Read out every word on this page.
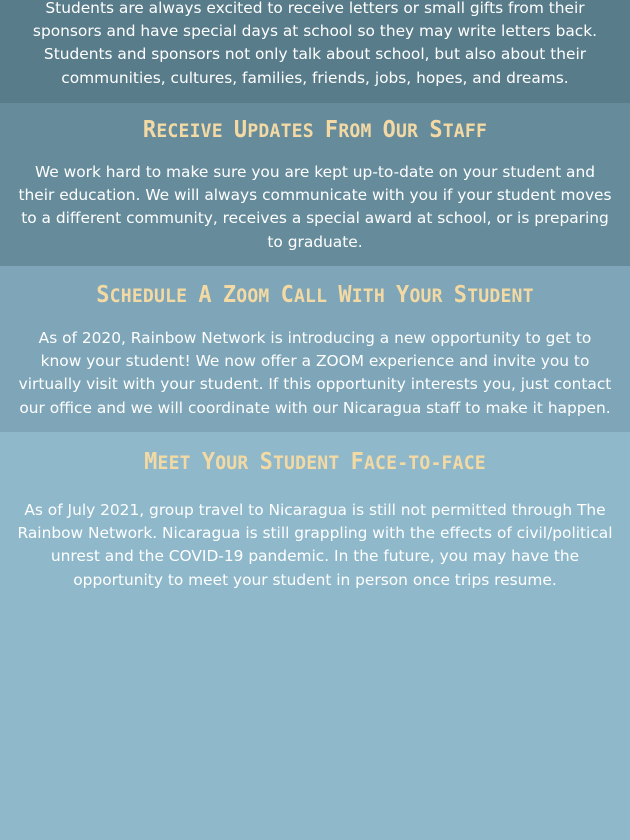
Students are always excited to receive letters or small gifts from their
sponsors and have special days at school so they may write letters back.
Students and sponsors not only talk about school, but also about their
communities, cultures, families, friends, jobs, hopes, and dreams.
RECEIVE UPDATES FROM OUR STAFF
We work hard to make sure you are kept up-to-date on your student and
their education. We will always communicate with you if your student moves
to a different community, receives a special award at school, or is preparing
to graduate.
SCHEDULE A ZOOM CALL WITH YOUR STUDENT
As of 2020, Rainbow Network is introducing a new opportunity to get to
know your student! We now offer a ZOOM experience and invite you to
virtually visit with your student. If this opportunity interests you, just contact
our office and we will coordinate with our Nicaragua staff to make it happen.
MEET YOUR STUDENT FACE-TO-FACE
As of July 2021, group travel to Nicaragua is still not permitted through The
Rainbow Network. Nicaragua is still grappling with the effects of civil/political
unrest and the COVID-19 pandemic. In the future, you may have the
opportunity to meet your student in person once trips resume.
